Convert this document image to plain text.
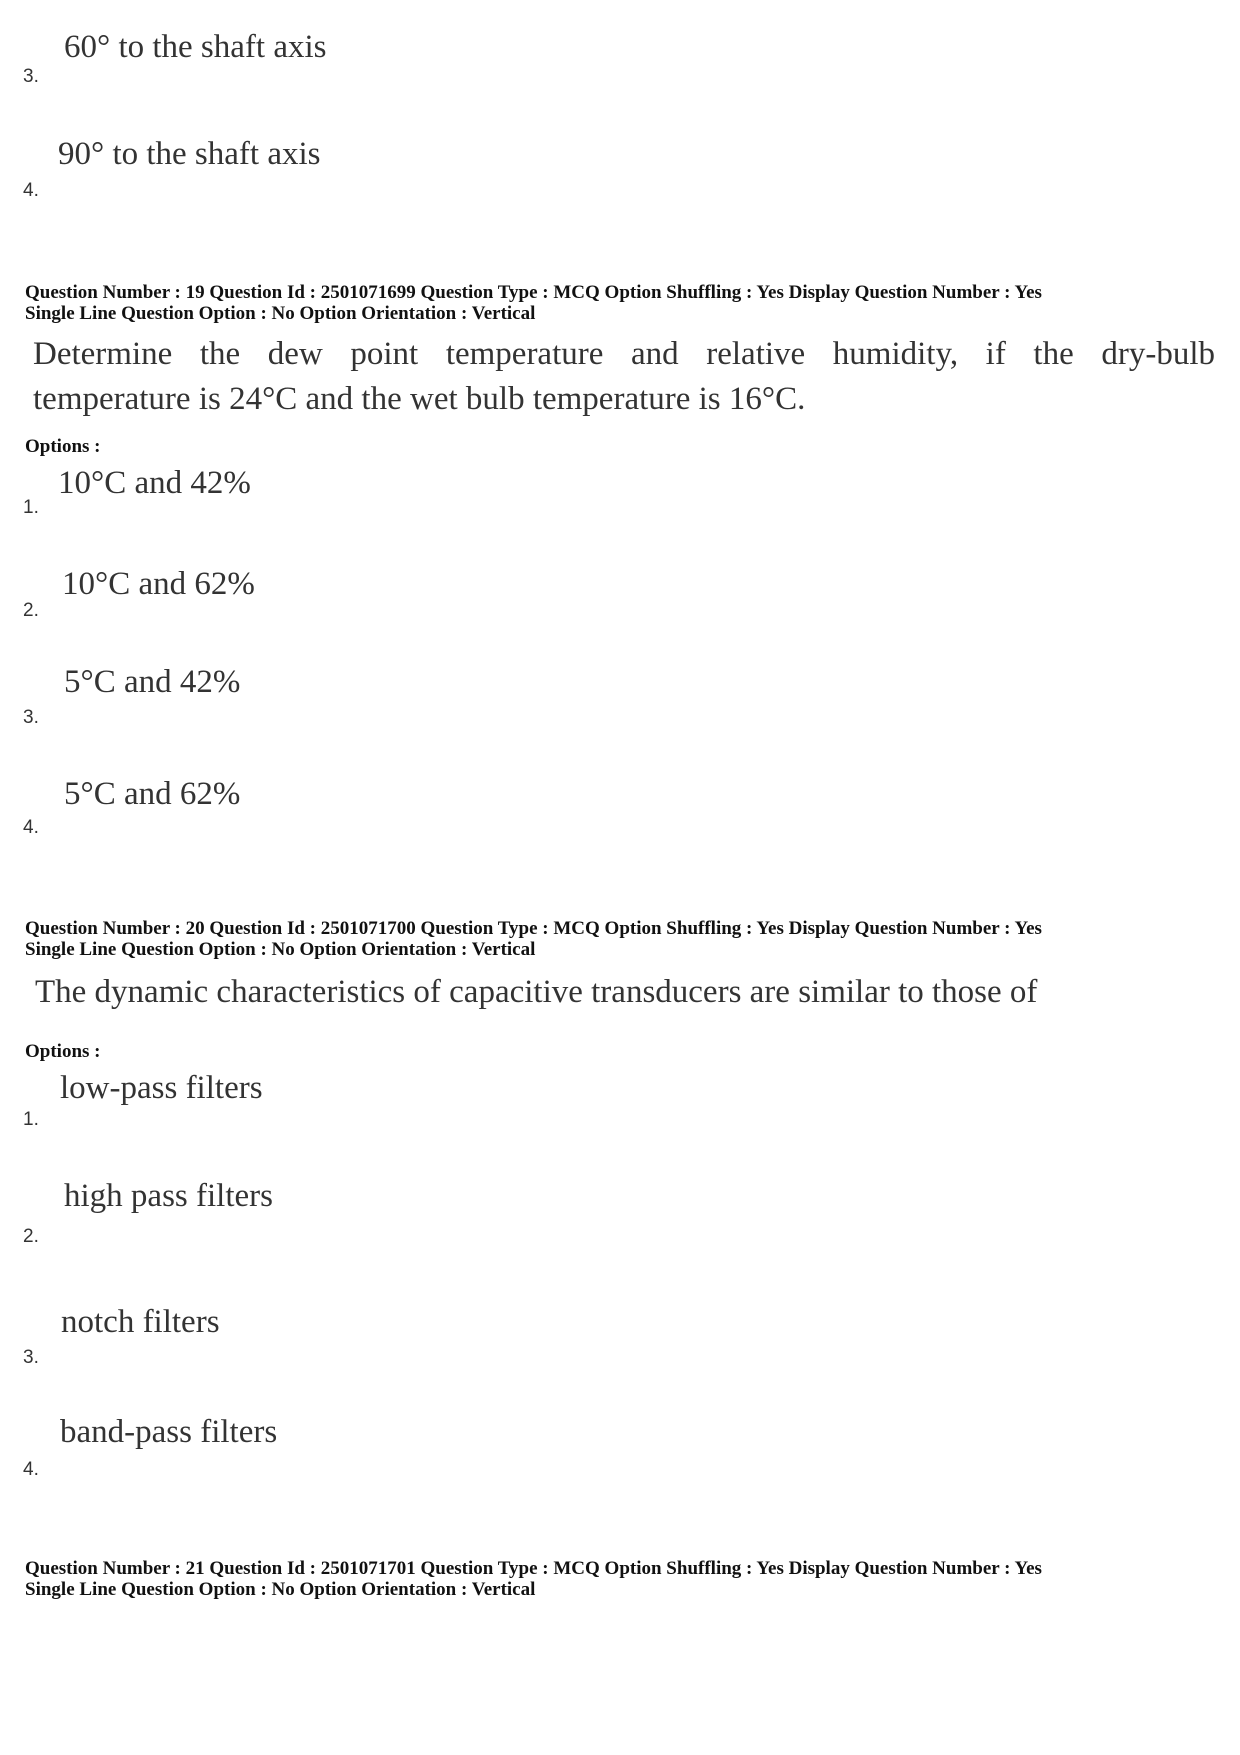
60° to the shaft axis
3.
90° to the shaft axis
4.
Question Number : 19 Question Id : 2501071699 Question Type : MCQ Option Shuffling : Yes Display Question Number : Yes
Single Line Question Option : No Option Orientation : Vertical
Determine the dew point temperature and relative humidity, if the dry-bulb
temperature is 24°C and the wet bulb temperature is 16°C.
Options :
10°C and 42%
1.
10°C and 62%
2.
5°C and 42%
3.
5°C and 62%
4.
Question Number : 20 Question Id : 2501071700 Question Type : MCQ Option Shuffling : Yes Display Question Number : Yes
Single Line Question Option : No Option Orientation : Vertical
The dynamic characteristics of capacitive transducers are similar to those of
Options :
low-pass filters
1.
high pass filters
2.
notch filters
3.
band-pass filters
4.
Question Number : 21 Question Id : 2501071701 Question Type : MCQ Option Shuffling : Yes Display Question Number : Yes
Single Line Question Option : No Option Orientation : Vertical
